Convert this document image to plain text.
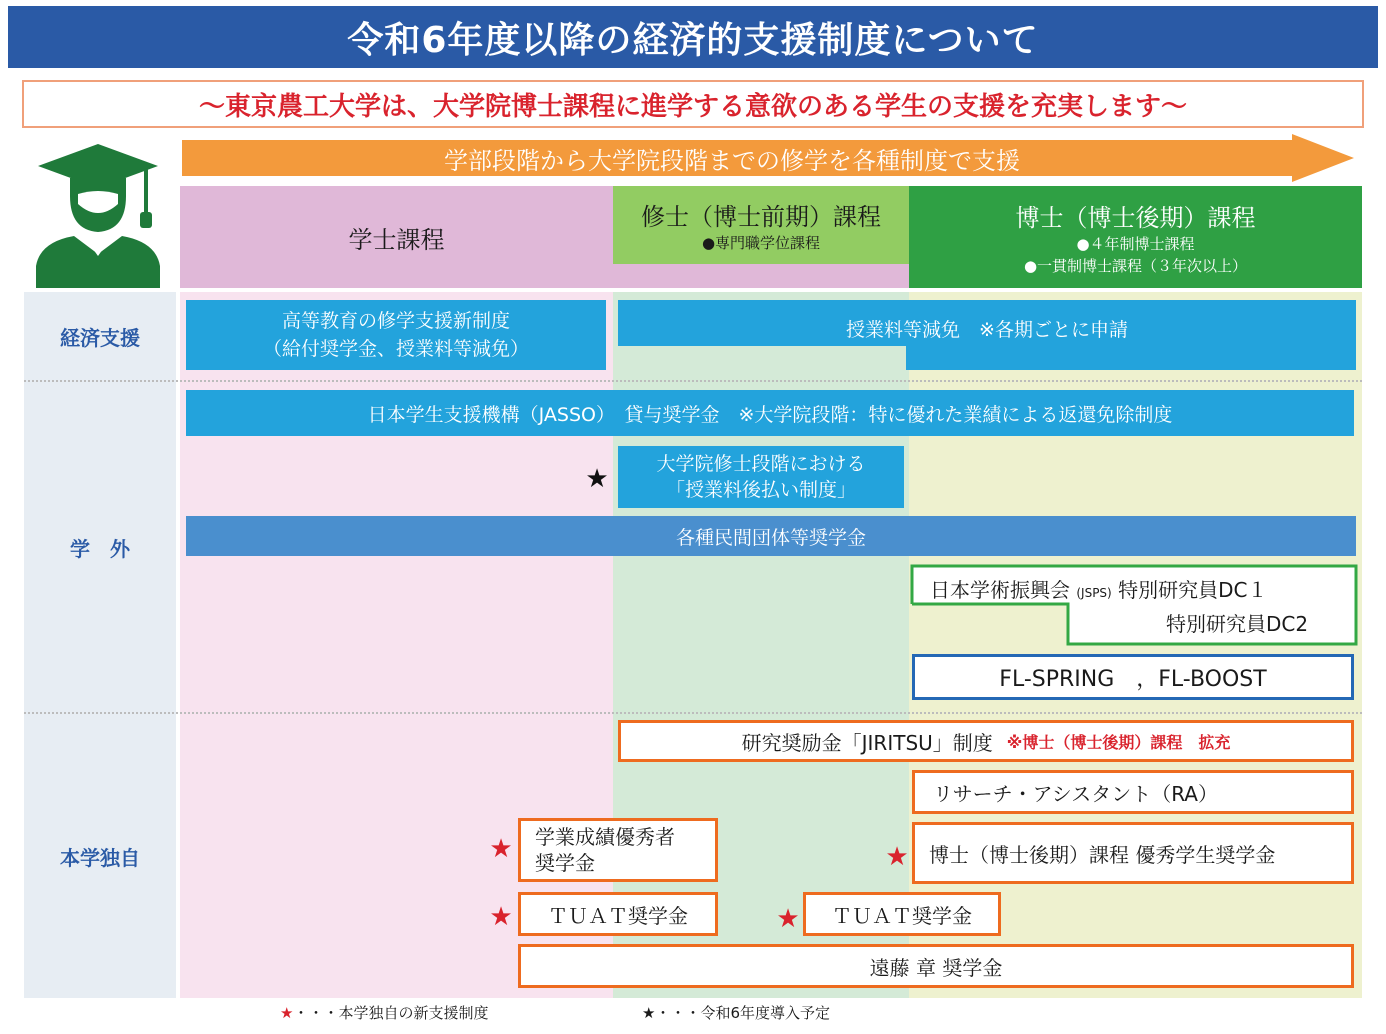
令和6年度以降の経済的支援制度について
～東京農工大学は、大学院博士課程に進学する意欲のある学生の支援を充実します～
学部段階から大学院段階までの修学を各種制度で支援
学士課程
修士（博士前期）課程
●専門職学位課程
博士（博士後期）課程
●４年制博士課程
●一貫制博士課程（３年次以上）
経済支援
学　外
本学独自
高等教育の修学支援新制度
（給付奨学金、授業料等減免）
授業料等減免　※各期ごとに申請
日本学生支援機構（JASSO）　貸与奨学金　※大学院段階：特に優れた業績による返還免除制度
★	大学院修士段階における
「授業料後払い制度」
各種民間団体等奨学金
日本学術振興会 (JSPS) 特別研究員DC１
特別研究員DC2
FL-SPRING　，FL-BOOST
研究奨励金「JIRITSU」制度 ※博士（博士後期）課程　拡充
リサーチ・アシスタント（RA）
★ 学業成績優秀者
奨学金	★	博士（博士後期）課程 優秀学生奨学金
★	ＴＵＡＴ奨学金	★	ＴＵＡＴ奨学金
遠藤 章 奨学金
★・・・本学独自の新支援制度	★・・・令和6年度導入予定
